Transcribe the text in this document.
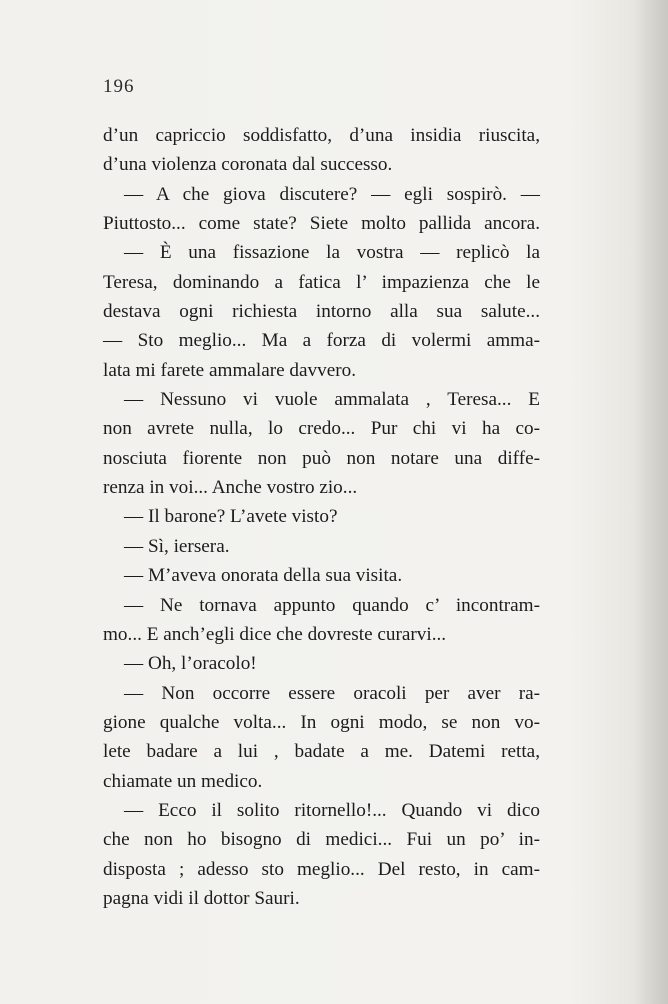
196
d’un capriccio soddisfatto, d’una insidia riuscita,
d’una violenza coronata dal successo.
— A che giova discutere? — egli sospirò. —
Piuttosto... come state? Siete molto pallida ancora.
— È una fissazione la vostra — replicò la
Teresa, dominando a fatica l’ impazienza che le
destava ogni richiesta intorno alla sua salute...
— Sto meglio... Ma a forza di volermi amma-
lata mi farete ammalare davvero.
— Nessuno vi vuole ammalata , Teresa... E
non avrete nulla, lo credo... Pur chi vi ha co-
nosciuta fiorente non può non notare una diffe-
renza in voi... Anche vostro zio...
— Il barone? L’avete visto?
— Sì, iersera.
— M’aveva onorata della sua visita.
— Ne tornava appunto quando c’ incontram-
mo... E anch’egli dice che dovreste curarvi...
— Oh, l’oracolo!
— Non occorre essere oracoli per aver ra-
gione qualche volta... In ogni modo, se non vo-
lete badare a lui , badate a me. Datemi retta,
chiamate un medico.
— Ecco il solito ritornello!... Quando vi dico
che non ho bisogno di medici... Fui un po’ in-
disposta ; adesso sto meglio... Del resto, in cam-
pagna vidi il dottor Sauri.
